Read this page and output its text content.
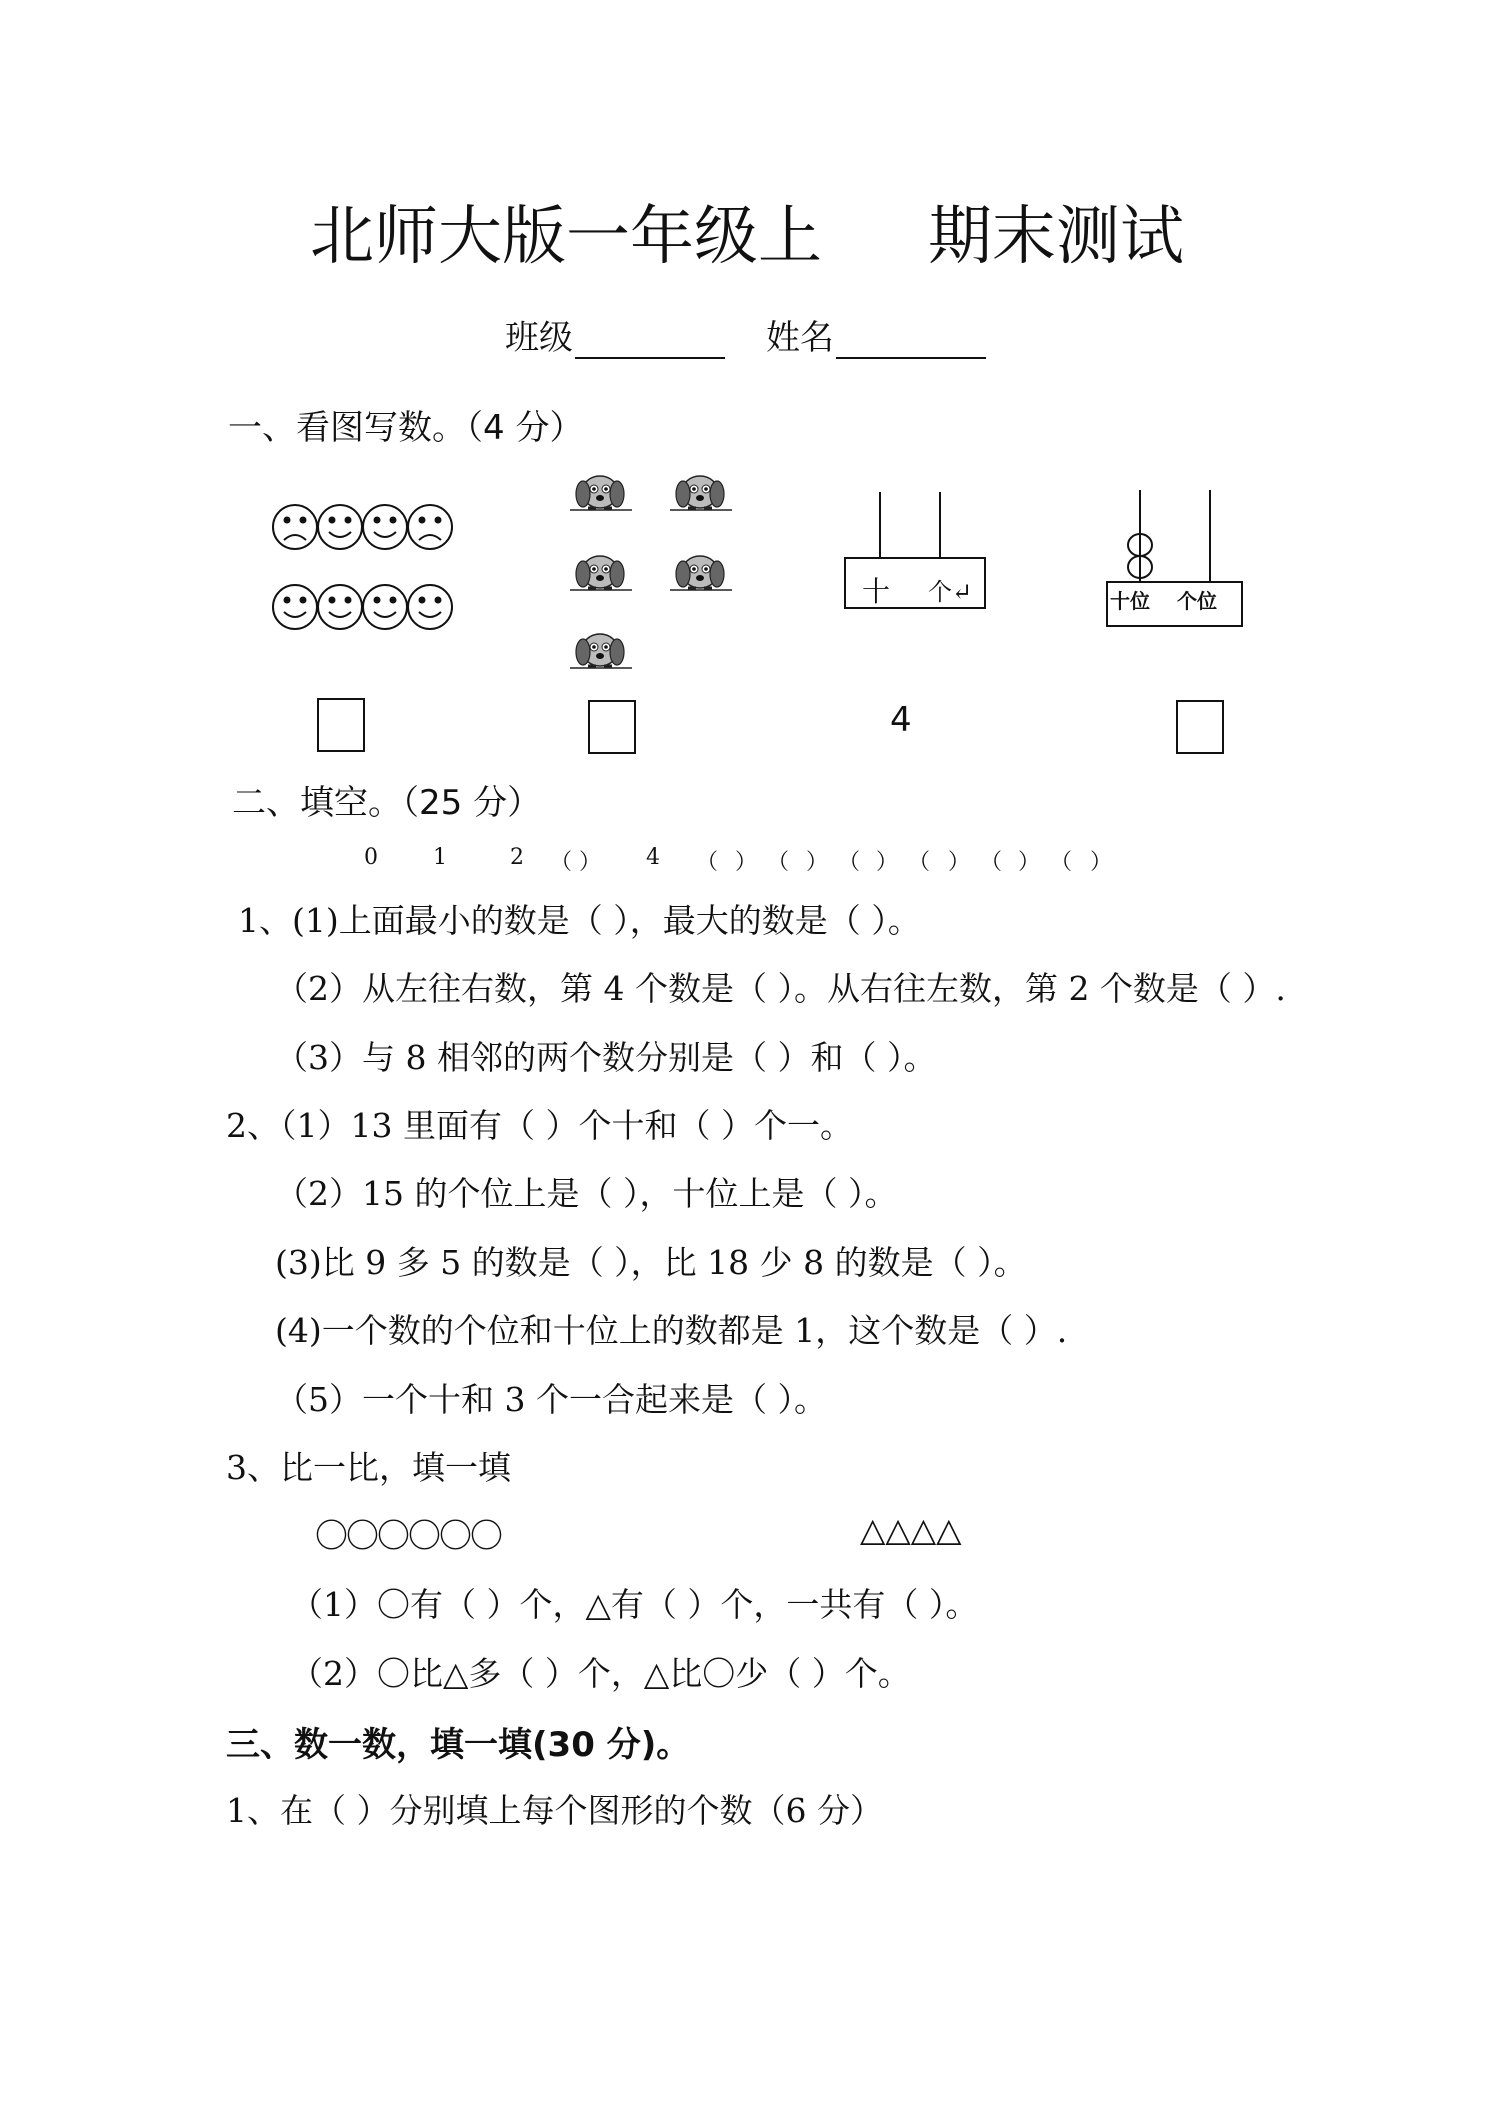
北师大版一年级上 期末测试
班级	姓名
一、看图写数。（4 分）
十 个↵	十位 个位
4
二、填空。（25 分）
0	1	2 （ ） 4 （ ） （ ） （ ） （ ） （ ） （ ）
1、(1)上面最小的数是（ ），最大的数是（ ）。
（2）从左往右数，第 4 个数是（ ）。从右往左数，第 2 个数是（ ）.
（3）与 8 相邻的两个数分别是（ ）和（ ）。
2、（1）13 里面有（ ）个十和（ ）个一。
（2）15 的个位上是（ ），十位上是（ ）。
(3)比 9 多 5 的数是（ ），比 18 少 8 的数是（ ）。
(4)一个数的个位和十位上的数都是 1，这个数是（ ）.
（5）一个十和 3 个一合起来是（ ）。
3、比一比，填一填
〇〇〇〇〇〇	△△△△
（1）〇有（ ）个，△有（ ）个，一共有（ ）。
（2）〇比△多（ ）个，△比〇少（ ）个。
三、数一数，填一填(30 分)。
1、在（ ）分别填上每个图形的个数（6 分）
